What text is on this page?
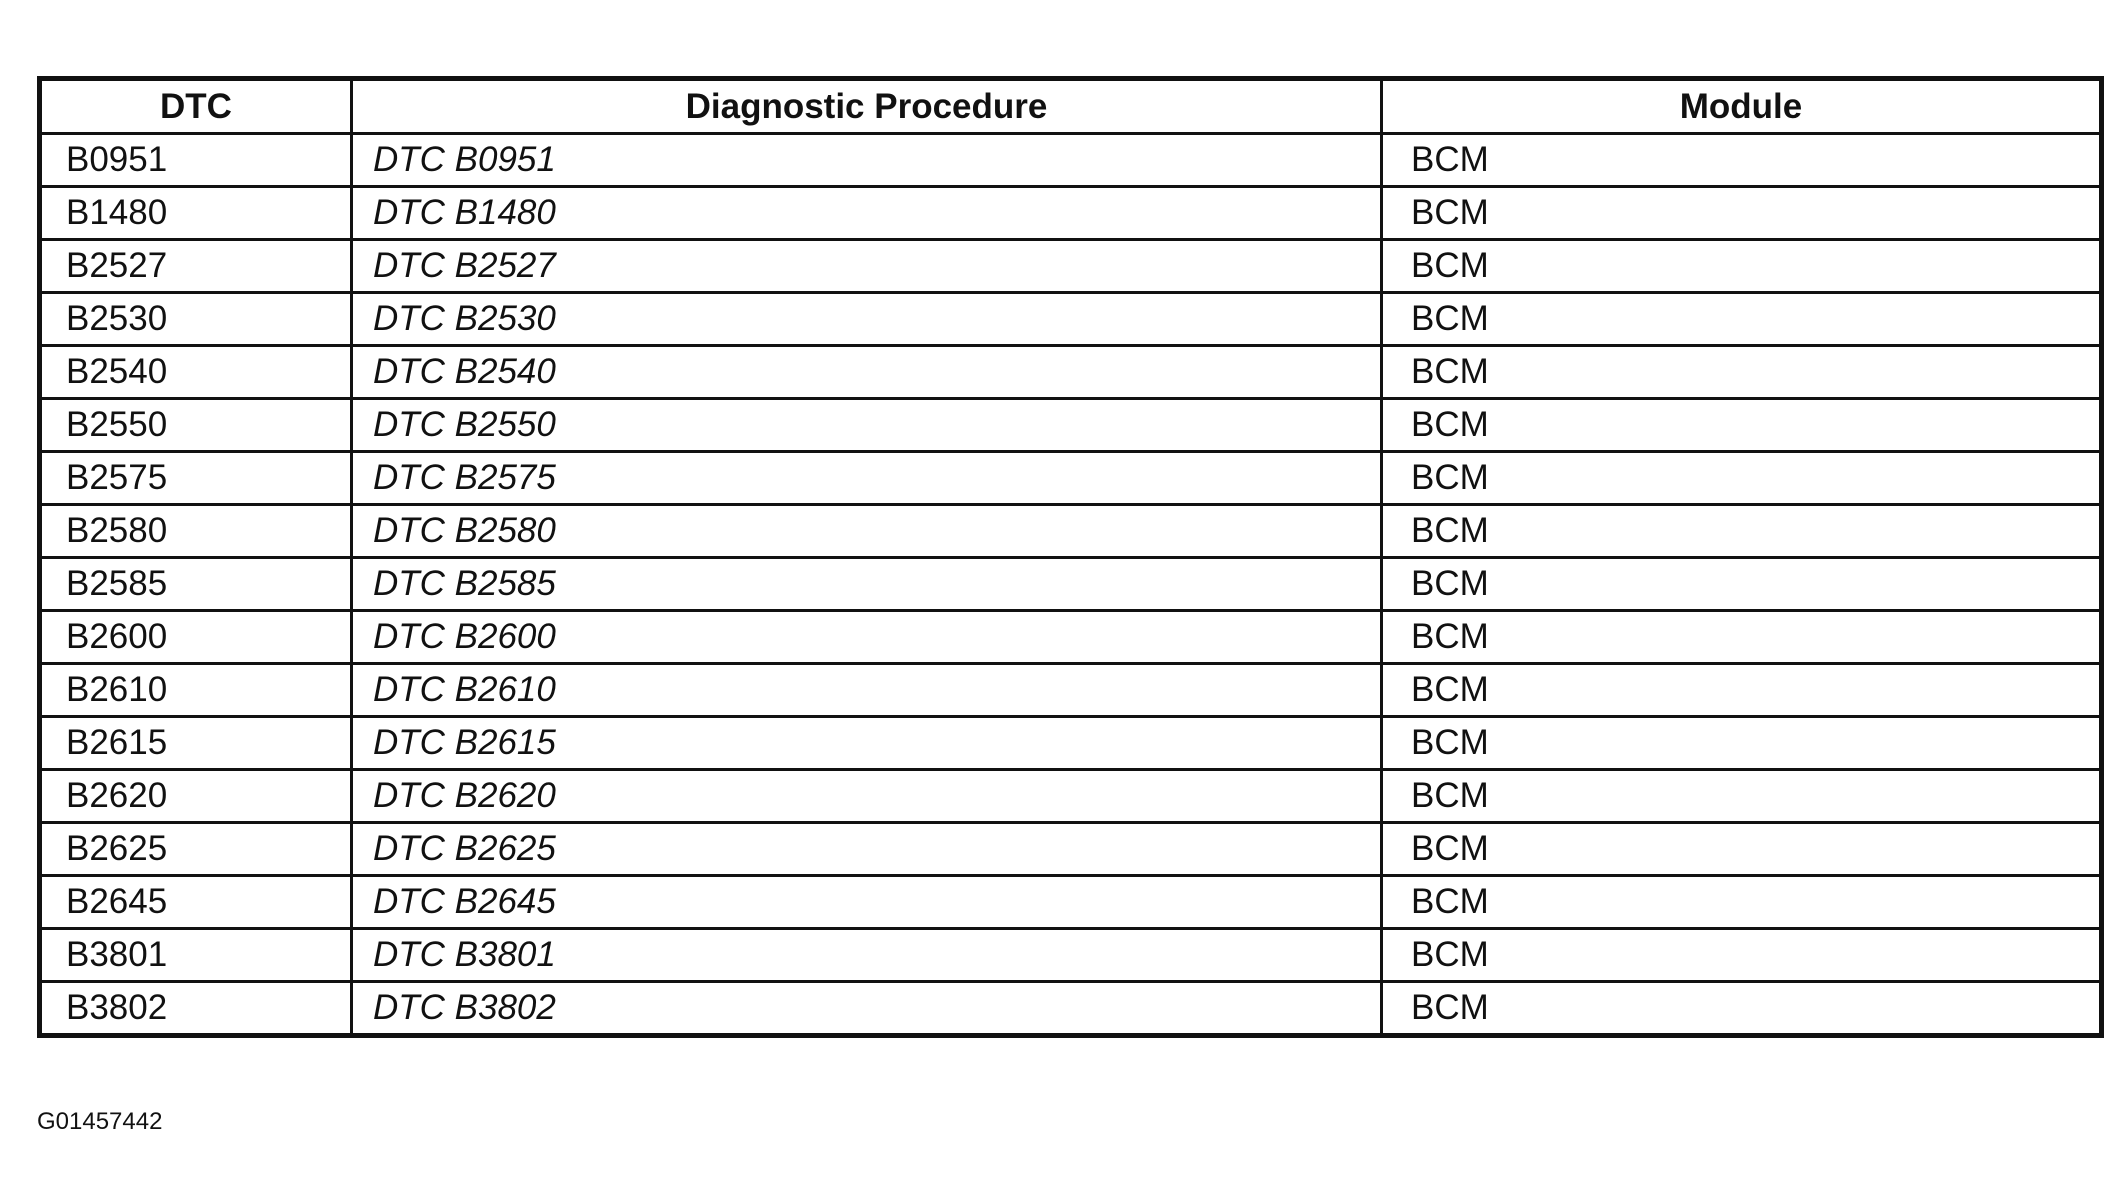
DTC	Diagnostic Procedure	Module
B0951	DTC B0951	BCM
B1480	DTC B1480	BCM
B2527	DTC B2527	BCM
B2530	DTC B2530	BCM
B2540	DTC B2540	BCM
B2550	DTC B2550	BCM
B2575	DTC B2575	BCM
B2580	DTC B2580	BCM
B2585	DTC B2585	BCM
B2600	DTC B2600	BCM
B2610	DTC B2610	BCM
B2615	DTC B2615	BCM
B2620	DTC B2620	BCM
B2625	DTC B2625	BCM
B2645	DTC B2645	BCM
B3801	DTC B3801	BCM
B3802	DTC B3802	BCM
G01457442
